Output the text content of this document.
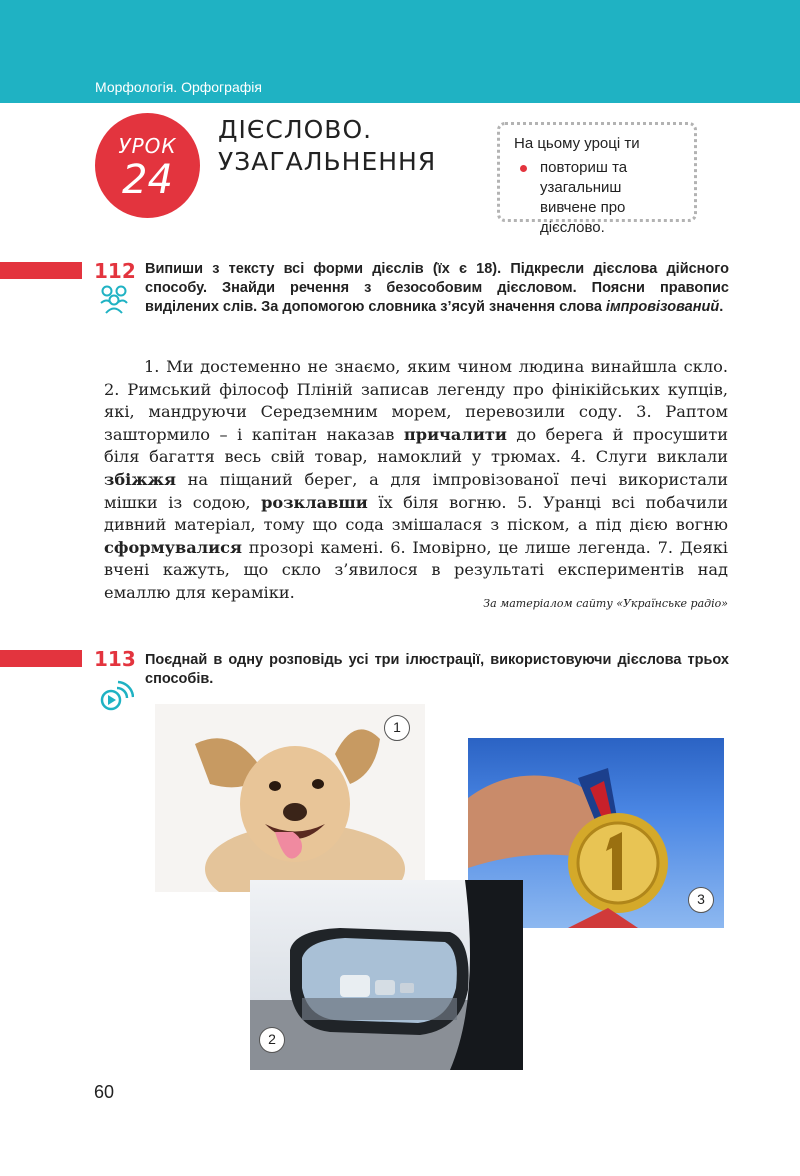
Морфологія. Орфографія
УРОК
24
ДІЄСЛОВО.
УЗАГАЛЬНЕННЯ
На цьому уроці ти
повториш та узагальниш вивчене про дієслово.
112 Випиши з тексту всі форми дієслів (їх є 18). Підкресли дієслова дійсного способу. Знайди речення з безособовим дієсловом. Поясни правопис виділених слів. За допомогою словника з’ясуй значення слова імпровізований.
1. Ми достеменно не знаємо, яким чином людина винайшла скло. 2. Римський філософ Пліній записав легенду про фінікійських купців, які, мандруючи Середземним морем, перевозили соду. 3. Раптом заштормило – і капітан наказав причалити до берега й просушити біля багаття весь свій товар, намоклий у трюмах. 4. Слуги виклали збіжжя на піщаний берег, а для імпровізованої печі використали мішки із содою, розклавши їх біля вогню. 5. Уранці всі побачили дивний матеріал, тому що сода змішалася з піском, а під дією вогню сформувалися прозорі камені. 6. Імовірно, це лише легенда. 7. Деякі вчені кажуть, що скло з’явилося в результаті експериментів над емаллю для кераміки.
За матеріалом сайту «Українське радіо»
113 Поєднай в одну розповідь усі три ілюстрації, використовуючи дієслова трьох способів.
1
3
2
60
